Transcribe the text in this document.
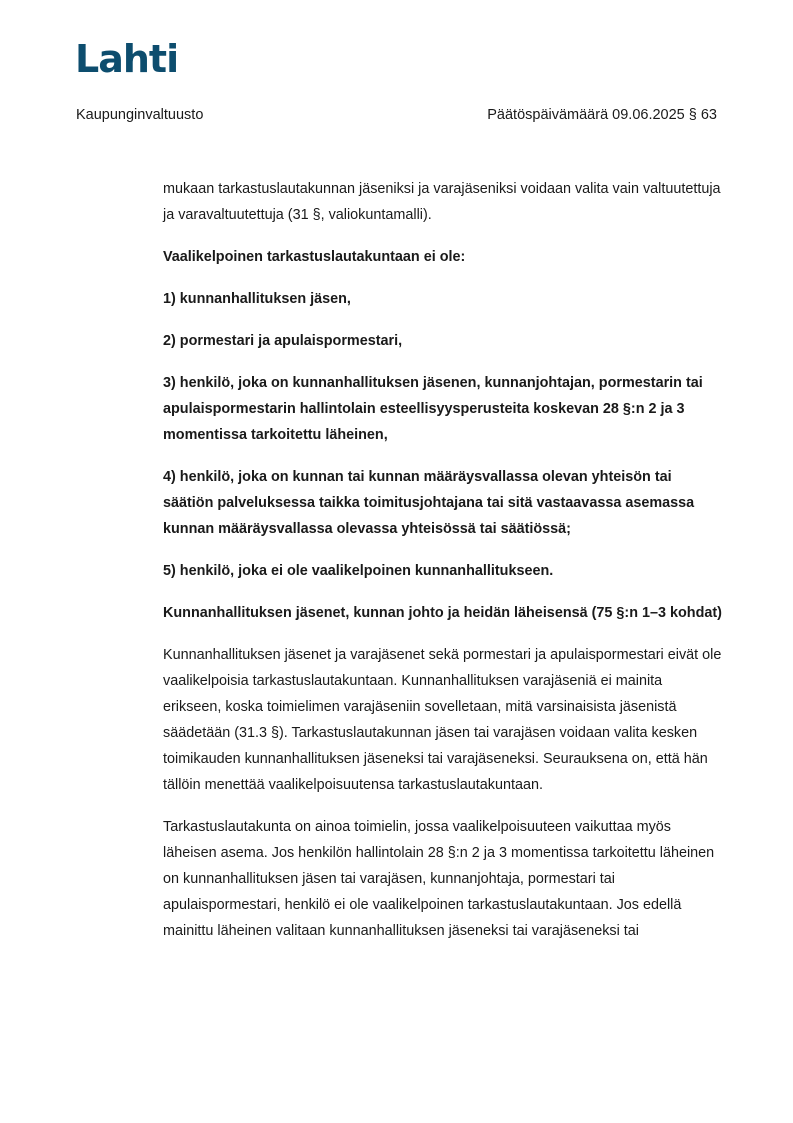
Lahti
Kaupunginvaltuusto	Päätöspäivämäärä 09.06.2025 § 63

mukaan tarkastuslautakunnan jäseniksi ja varajäseniksi voidaan valita vain valtuutettuja ja varavaltuutettuja (31 §, valiokuntamalli).

Vaalikelpoinen tarkastuslautakuntaan ei ole:

1) kunnanhallituksen jäsen,

2) pormestari ja apulaispormestari,

3) henkilö, joka on kunnanhallituksen jäsenen, kunnanjohtajan, pormestarin tai apulaispormestarin hallintolain esteellisyysperusteita koskevan 28 §:n 2 ja 3 momentissa tarkoitettu läheinen,

4) henkilö, joka on kunnan tai kunnan määräysvallassa olevan yhteisön tai säätiön palveluksessa taikka toimitusjohtajana tai sitä vastaavassa asemassa kunnan määräysvallassa olevassa yhteisössä tai säätiössä;

5) henkilö, joka ei ole vaalikelpoinen kunnanhallitukseen.

Kunnanhallituksen jäsenet, kunnan johto ja heidän läheisensä (75 §:n 1–3 kohdat)

Kunnanhallituksen jäsenet ja varajäsenet sekä pormestari ja apulaispormestari eivät ole vaalikelpoisia tarkastuslautakuntaan. Kunnanhallituksen varajäseniä ei mainita erikseen, koska toimielimen varajäseniin sovelletaan, mitä varsinaisista jäsenistä säädetään (31.3 §). Tarkastuslautakunnan jäsen tai varajäsen voidaan valita kesken toimikauden kunnanhallituksen jäseneksi tai varajäseneksi. Seurauksena on, että hän tällöin menettää vaalikelpoisuutensa tarkastuslautakuntaan.

Tarkastuslautakunta on ainoa toimielin, jossa vaalikelpoisuuteen vaikuttaa myös läheisen asema. Jos henkilön hallintolain 28 §:n 2 ja 3 momentissa tarkoitettu läheinen on kunnanhallituksen jäsen tai varajäsen, kunnanjohtaja, pormestari tai apulaispormestari, henkilö ei ole vaalikelpoinen tarkastuslautakuntaan. Jos edellä mainittu läheinen valitaan kunnanhallituksen jäseneksi tai varajäseneksi tai
